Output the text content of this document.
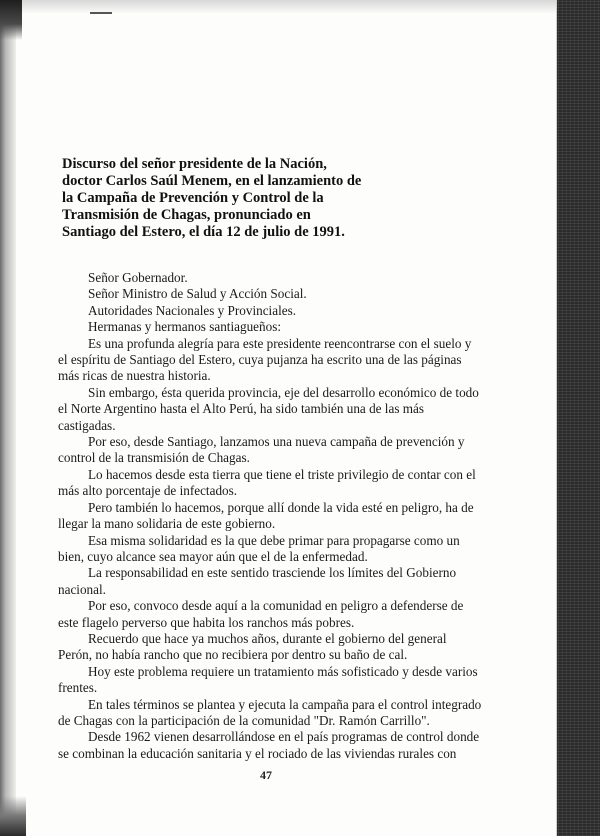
Discurso del señor presidente de la Nación,
doctor Carlos Saúl Menem, en el lanzamiento de
la Campaña de Prevención y Control de la
Transmisión de Chagas, pronunciado en
Santiago del Estero, el día 12 de julio de 1991.

Señor Gobernador.

Señor Ministro de Salud y Acción Social.

Autoridades Nacionales y Provinciales.

Hermanas y hermanos santiagueños:

Es una profunda alegría para este presidente reencontrarse con el suelo y
el espíritu de Santiago del Estero, cuya pujanza ha escrito una de las páginas
más ricas de nuestra historia.

Sin embargo, ésta querida provincia, eje del desarrollo económico de todo
el Norte Argentino hasta el Alto Perú, ha sido también una de las más
castigadas.

Por eso, desde Santiago, lanzamos una nueva campaña de prevención y
control de la transmisión de Chagas.

Lo hacemos desde esta tierra que tiene el triste privilegio de contar con el
más alto porcentaje de infectados.

Pero también lo hacemos, porque allí donde la vida esté en peligro, ha de
llegar la mano solidaria de este gobierno.

Esa misma solidaridad es la que debe primar para propagarse como un
bien, cuyo alcance sea mayor aún que el de la enfermedad.

La responsabilidad en este sentido trasciende los límites del Gobierno
nacional.

Por eso, convoco desde aquí a la comunidad en peligro a defenderse de
este flagelo perverso que habita los ranchos más pobres.

Recuerdo que hace ya muchos años, durante el gobierno del general
Perón, no había rancho que no recibiera por dentro su baño de cal.

Hoy este problema requiere un tratamiento más sofisticado y desde varios
frentes.

En tales términos se plantea y ejecuta la campaña para el control integrado
de Chagas con la participación de la comunidad "Dr. Ramón Carrillo".

Desde 1962 vienen desarrollándose en el país programas de control donde
se combinan la educación sanitaria y el rociado de las viviendas rurales con

47
